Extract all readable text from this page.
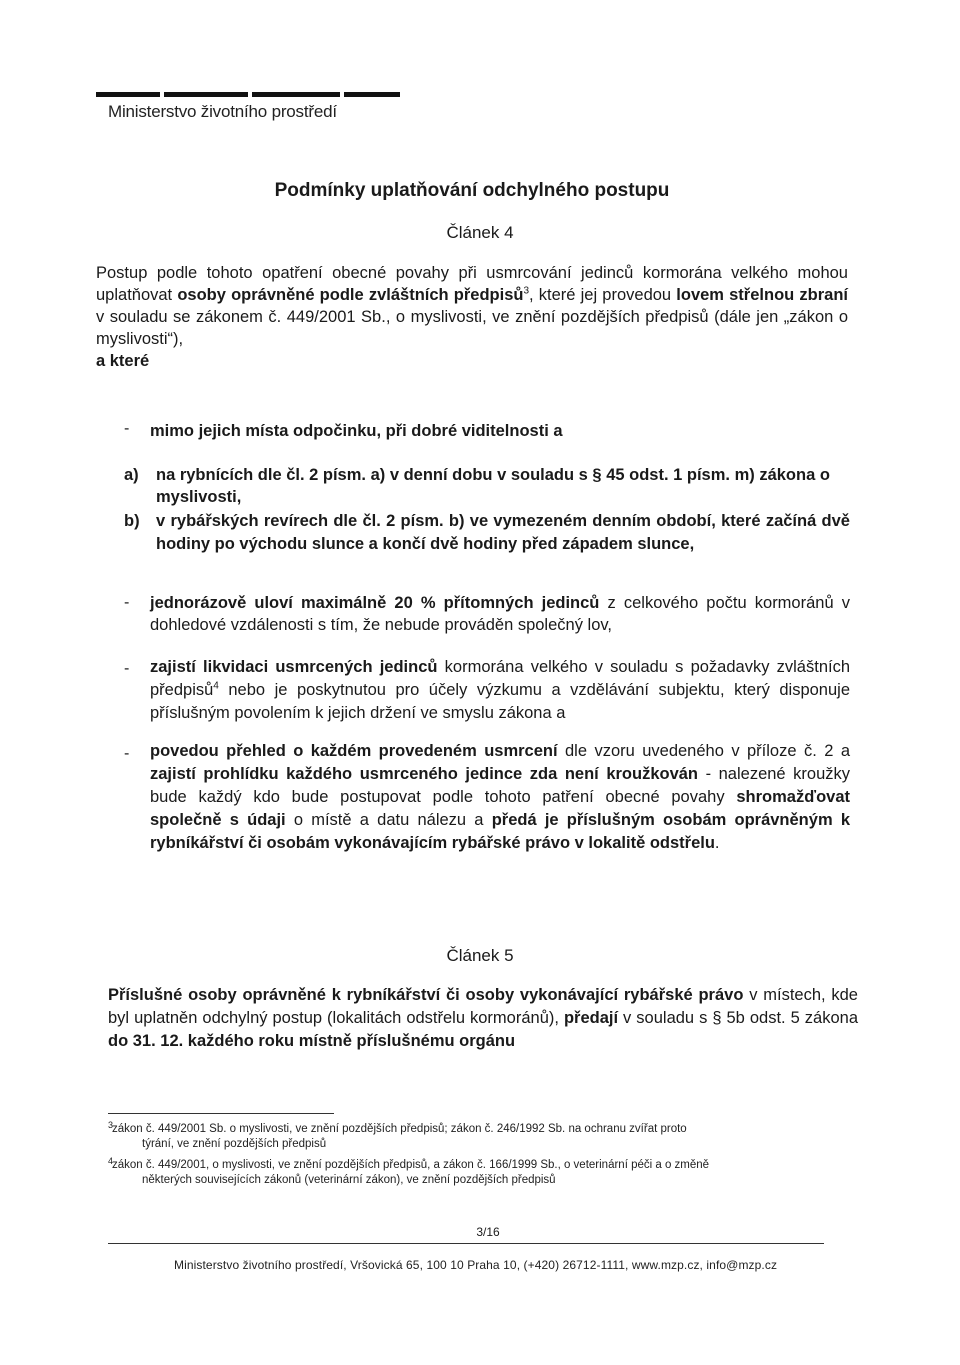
Ministerstvo životního prostředí
Podmínky uplatňování odchylného postupu
Článek 4
Postup podle tohoto opatření obecné povahy při usmrcování jedinců kormorána velkého mohou uplatňovat osoby oprávněné podle zvláštních předpisů$^3$, které jej provedou lovem střelnou zbraní v souladu se zákonem č. 449/2001 Sb., o myslivosti, ve znění pozdějších předpisů (dále jen „zákon o myslivosti“),
a které
- mimo jejich místa odpočinku, při dobré viditelnosti a
a) na rybnících dle čl. 2 písm. a) v denní dobu v souladu s § 45 odst. 1 písm. m) zákona o myslivosti,
b) v rybářských revírech dle čl. 2 písm. b) ve vymezeném denním období, které začíná dvě hodiny po východu slunce a končí dvě hodiny před západem slunce,
- jednorázově uloví maximálně 20 % přítomných jedinců z celkového počtu kormoránů v dohledové vzdálenosti s tím, že nebude prováděn společný lov,
- zajistí likvidaci usmrcených jedinců kormorána velkého v souladu s požadavky zvláštních předpisů$^4$ nebo je poskytnutou pro účely výzkumu a vzdělávání subjektu, který disponuje příslušným povolením k jejich držení ve smyslu zákona a
- povedou přehled o každém provedeném usmrcení dle vzoru uvedeného v příloze č. 2 a zajistí prohlídku každého usmrceného jedince zda není kroužkován - nalezené kroužky bude každý kdo bude postupovat podle tohoto patření obecné povahy shromažďovat společně s údaji o místě a datu nálezu a předá je příslušným osobám oprávněným k rybníkářství či osobám vykonávajícím rybářské právo v lokalitě odstřelu.
Článek 5
Příslušné osoby oprávněné k rybníkářství či osoby vykonávající rybářské právo v místech, kde byl uplatněn odchylný postup (lokalitách odstřelu kormoránů), předají v souladu s § 5b odst. 5 zákona do 31. 12. každého roku místně příslušnému orgánu
3
zákon č. 449/2001 Sb. o myslivosti, ve znění pozdějších předpisů; zákon č. 246/1992 Sb. na ochranu zvířat proto
týrání, ve znění pozdějších předpisů
4
zákon č. 449/2001, o myslivosti, ve znění pozdějších předpisů, a zákon č. 166/1999 Sb., o veterinární péči a o změně
některých souvisejících zákonů (veterinární zákon), ve znění pozdějších předpisů
3/16
Ministerstvo životního prostředí, Vršovická 65, 100 10 Praha 10, (+420) 26712-1111, www.mzp.cz, info@mzp.cz
